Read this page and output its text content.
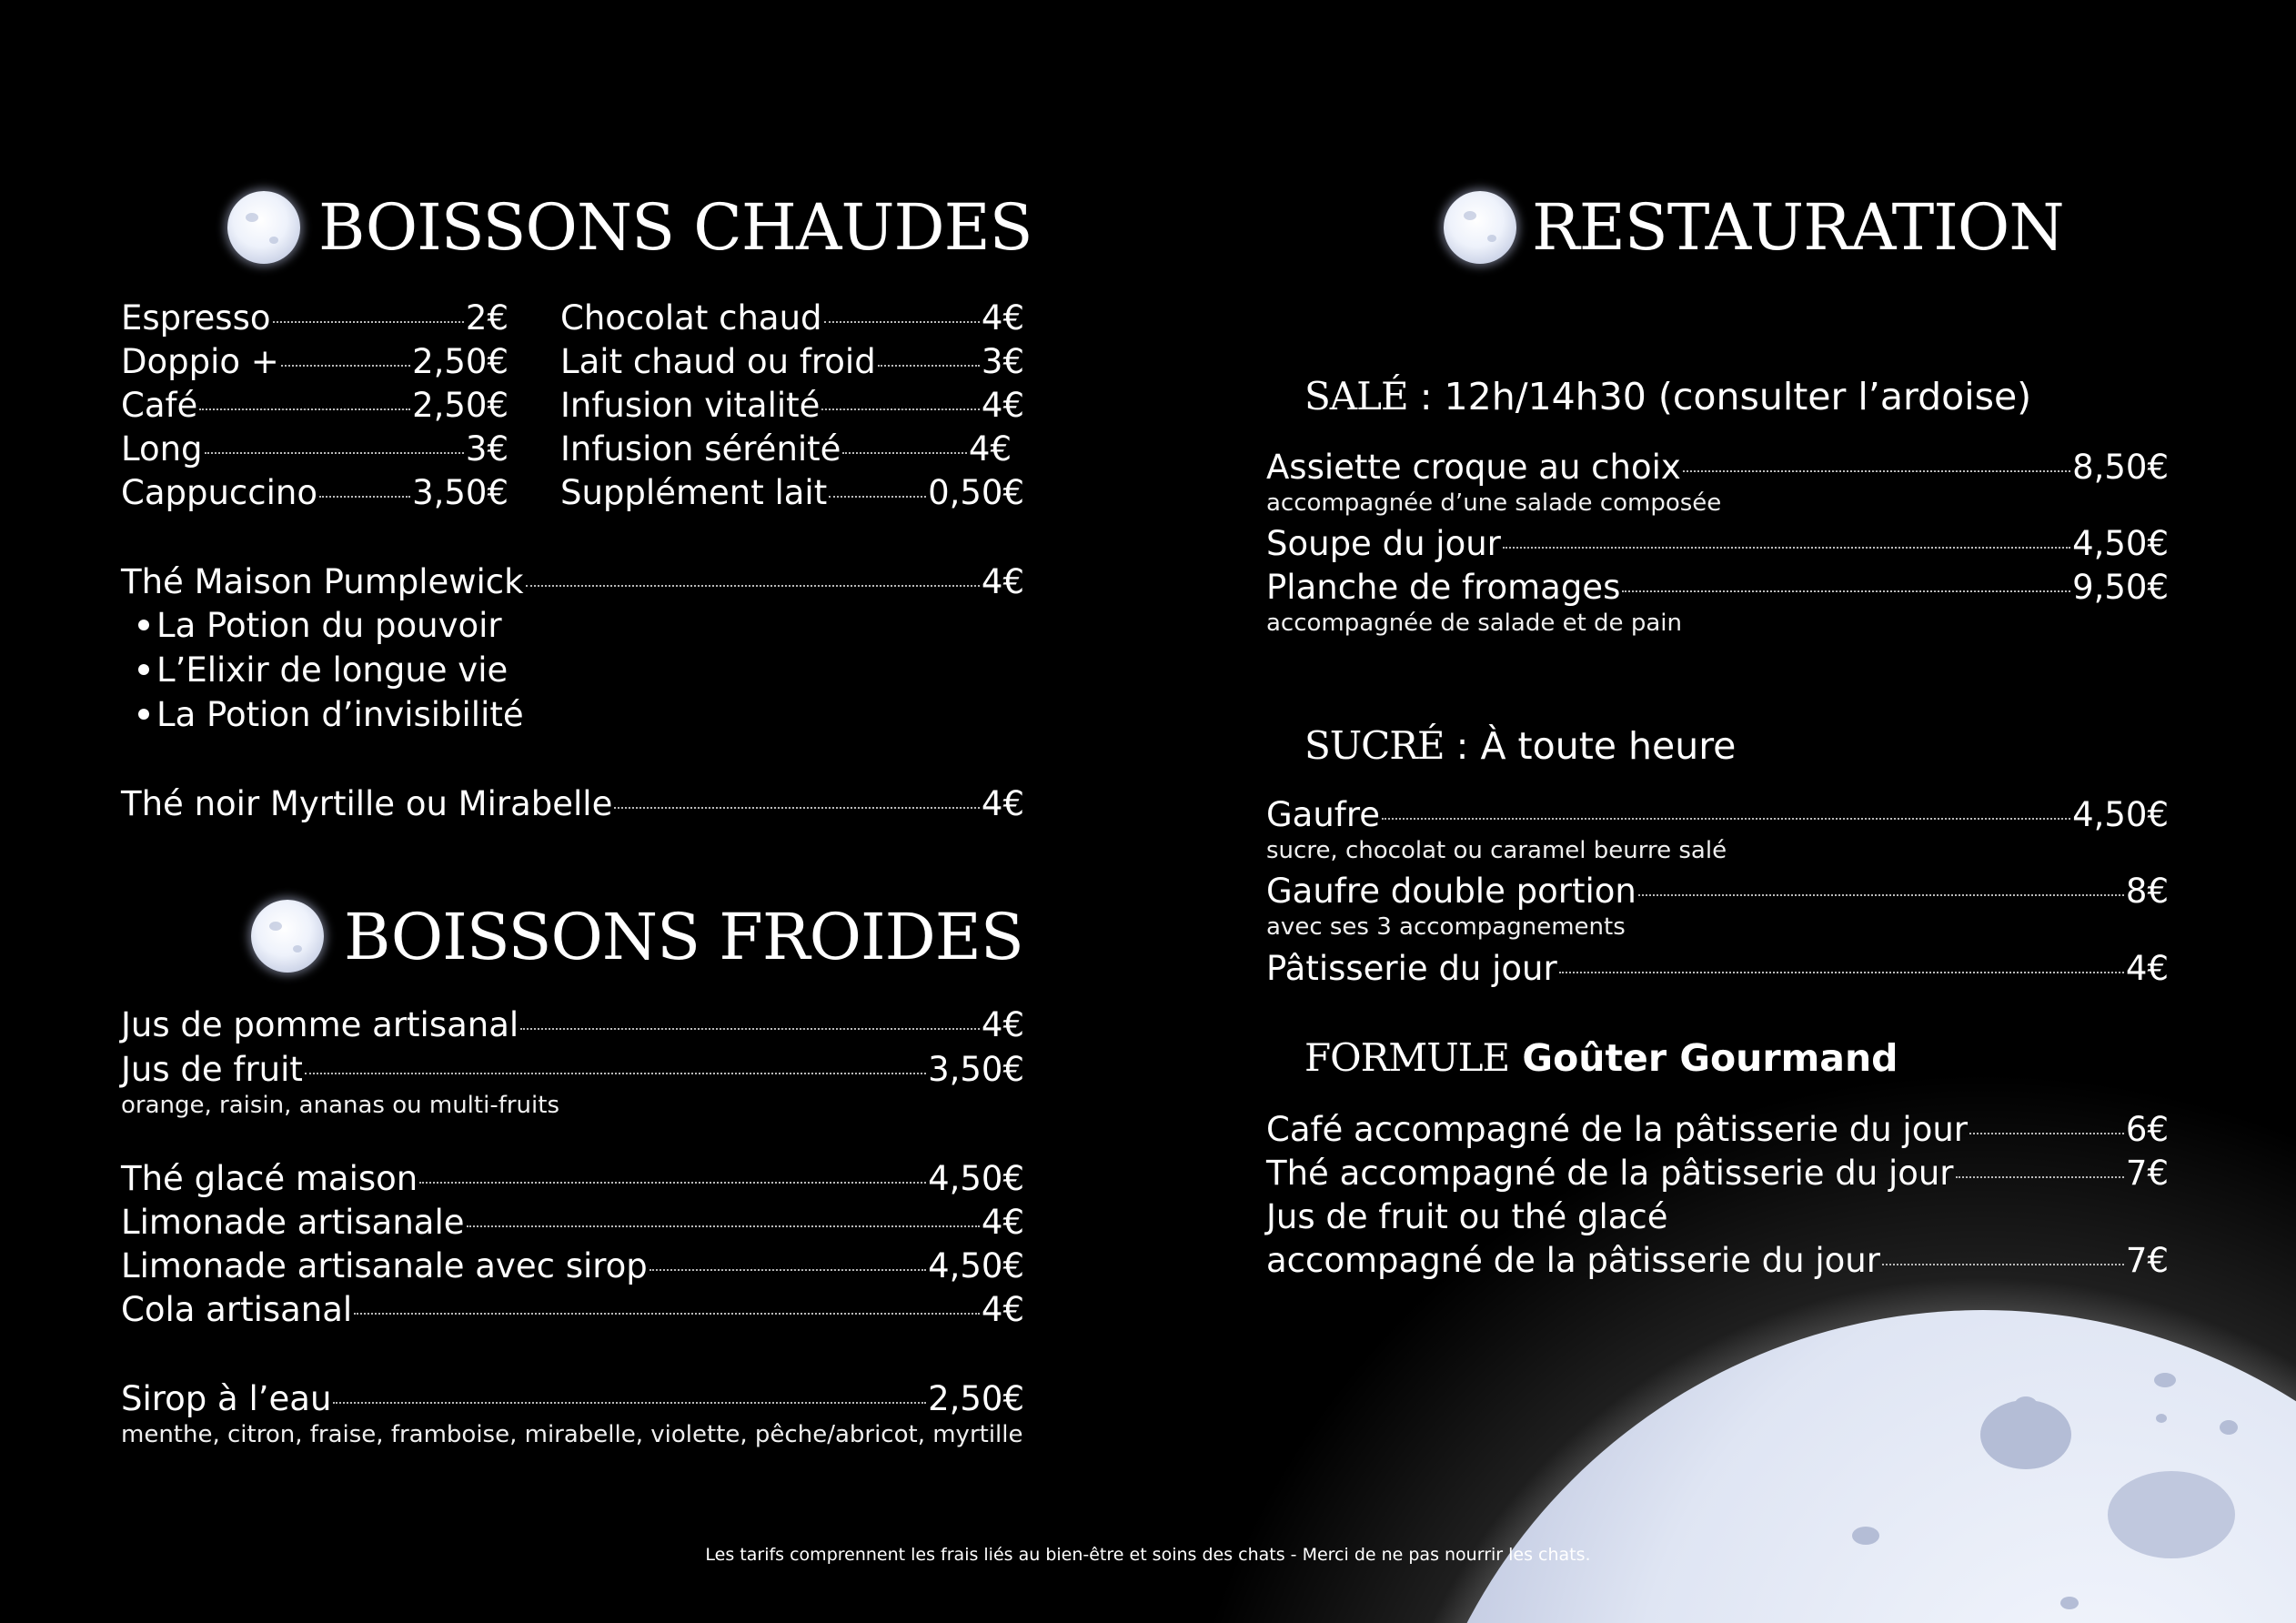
BOISSONS CHAUDES
Espresso	2€
Doppio +	2,50€
Café	2,50€
Long	3€
Cappuccino	3,50€
Chocolat chaud	4€
Lait chaud ou froid	3€
Infusion vitalité	4€
Infusion sérénité	4€
Supplément lait	0,50€
Thé Maison Pumplewick	4€
La Potion du pouvoir
L’Elixir de longue vie
La Potion d’invisibilité
Thé noir Myrtille ou Mirabelle	4€
BOISSONS FROIDES
Jus de pomme artisanal	4€
Jus de fruit	3,50€
orange, raisin, ananas ou multi-fruits
Thé glacé maison	4,50€
Limonade artisanale	4€
Limonade artisanale avec sirop	4,50€
Cola artisanal	4€
Sirop à l’eau	2,50€
menthe, citron, fraise, framboise, mirabelle, violette, pêche/abricot, myrtille
RESTAURATION
SALÉ : 12h/14h30 (consulter l’ardoise)
Assiette croque au choix	8,50€
accompagnée d’une salade composée
Soupe du jour	4,50€
Planche de fromages	9,50€
accompagnée de salade et de pain
SUCRÉ : À toute heure
Gaufre	4,50€
sucre, chocolat ou caramel beurre salé
Gaufre double portion	8€
avec ses 3 accompagnements
Pâtisserie du jour	4€
FORMULE Goûter Gourmand
Café accompagné de la pâtisserie du jour	6€
Thé accompagné de la pâtisserie du jour	7€
Jus de fruit ou thé glacé
accompagné de la pâtisserie du jour	7€
Les tarifs comprennent les frais liés au bien-être et soins des chats - Merci de ne pas nourrir les chats.
